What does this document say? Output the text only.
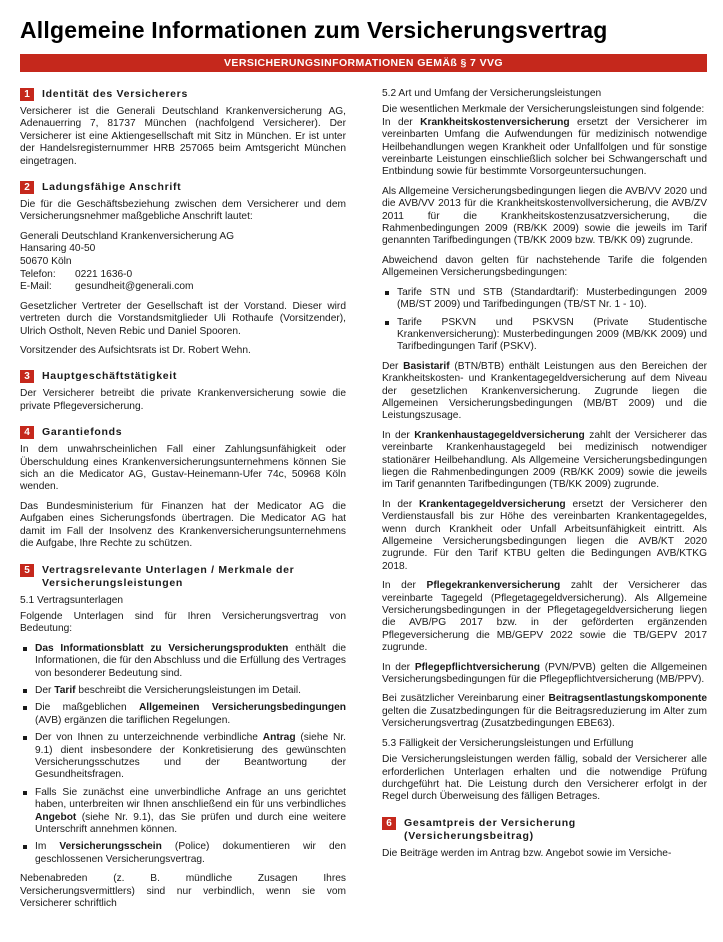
Allgemeine Informationen zum Versicherungsvertrag
VERSICHERUNGSINFORMATIONEN GEMÄß § 7 VVG
1	Identität des Versicherers

Versicherer ist die Generali Deutschland Krankenversicherung AG, Adenauerring 7, 81737 München (nachfolgend Versicherer). Der Versicherer ist eine Aktiengesellschaft mit Sitz in München. Er ist unter der Handelsregisternummer HRB 257065 beim Amtsgericht München eingetragen.

2	Ladungsfähige Anschrift

Die für die Geschäftsbeziehung zwischen dem Versicherer und dem Versicherungsnehmer maßgebliche Anschrift lautet:

Generali Deutschland Krankenversicherung AG
Hansaring 40-50
50670 Köln
Telefon:	0221 1636-0
E-Mail:	gesundheit@generali.com

Gesetzlicher Vertreter der Gesellschaft ist der Vorstand. Dieser wird vertreten durch die Vorstandsmitglieder Uli Rothaufe (Vorsitzender), Ulrich Ostholt, Neven Rebic und Daniel Spooren.

Vorsitzender des Aufsichtsrats ist Dr. Robert Wehn.

3	Hauptgeschäftstätigkeit

Der Versicherer betreibt die private Krankenversicherung sowie die private Pflegeversicherung.

4	Garantiefonds

In dem unwahrscheinlichen Fall einer Zahlungsunfähigkeit oder Überschuldung eines Krankenversicherungsunternehmens können Sie sich an die Medicator AG, Gustav-Heinemann-Ufer 74c, 50968 Köln wenden.

Das Bundesministerium für Finanzen hat der Medicator AG die Aufgaben eines Sicherungsfonds übertragen. Die Medicator AG hat damit im Fall der Insolvenz des Krankenversicherungsunternehmens die Aufgabe, Ihre Rechte zu schützen.

5	Vertragsrelevante Unterlagen / Merkmale der Versicherungsleistungen

5.1 Vertragsunterlagen

Folgende Unterlagen sind für Ihren Versicherungsvertrag von Bedeutung:

Das Informationsblatt zu Versicherungsprodukten enthält die Informationen, die für den Abschluss und die Erfüllung des Vertrages von besonderer Bedeutung sind.
Der Tarif beschreibt die Versicherungsleistungen im Detail.
Die maßgeblichen Allgemeinen Versicherungsbedingungen (AVB) ergänzen die tariflichen Regelungen.
Der von Ihnen zu unterzeichnende verbindliche Antrag (siehe Nr. 9.1) dient insbesondere der Konkretisierung des gewünschten Versicherungsschutzes und der Beantwortung der Gesundheitsfragen.
Falls Sie zunächst eine unverbindliche Anfrage an uns gerichtet haben, unterbreiten wir Ihnen anschließend ein für uns verbindliches Angebot (siehe Nr. 9.1), das Sie prüfen und durch eine weitere Unterschrift annehmen können.
Im Versicherungsschein (Police) dokumentieren wir den geschlossenen Versicherungsvertrag.

Nebenabreden (z. B. mündliche Zusagen Ihres Versicherungsvermittlers) sind nur verbindlich, wenn sie vom Versicherer schriftlich

5.2 Art und Umfang der Versicherungsleistungen

Die wesentlichen Merkmale der Versicherungsleistungen sind folgende:

In der Krankheitskostenversicherung ersetzt der Versicherer im vereinbarten Umfang die Aufwendungen für medizinisch notwendige Heilbehandlungen wegen Krankheit oder Unfallfolgen und für sonstige vereinbarte Leistungen einschließlich solcher bei Schwangerschaft und Entbindung sowie für bestimmte Vorsorgeuntersuchungen.

Als Allgemeine Versicherungsbedingungen liegen die AVB/VV 2020 und die AVB/VV 2013 für die Krankheitskostenvollversicherung, die AVB/ZV 2011 für die Krankheitskostenzusatzversicherung, die Rahmenbedingungen 2009 (RB/KK 2009) sowie die jeweils im Tarif genannten Tarifbedingungen (TB/KK 2009 bzw. TB/KK 09) zugrunde.

Abweichend davon gelten für nachstehende Tarife die folgenden Allgemeinen Versicherungsbedingungen:

Tarife STN und STB (Standardtarif): Musterbedingungen 2009 (MB/ST 2009) und Tarifbedingungen (TB/ST Nr. 1 - 10).
Tarife PSKVN und PSKVSN (Private Studentische Krankenversicherung): Musterbedingungen 2009 (MB/KK 2009) und Tarifbedingungen Tarif (PSKV).

Der Basistarif (BTN/BTB) enthält Leistungen aus den Bereichen der Krankheitskosten- und Krankentagegeldversicherung auf dem Niveau der gesetzlichen Krankenversicherung. Zugrunde liegen die Allgemeinen Versicherungsbedingungen (MB/BT 2009) und die Leistungszusage.

In der Krankenhaustagegeldversicherung zahlt der Versicherer das vereinbarte Krankenhaustagegeld bei medizinisch notwendiger stationärer Heilbehandlung. Als Allgemeine Versicherungsbedingungen liegen die Rahmenbedingungen 2009 (RB/KK 2009) sowie die jeweils im Tarif genannten Tarifbedingungen (TB/KK 2009) zugrunde.

In der Krankentagegeldversicherung ersetzt der Versicherer den Verdienstausfall bis zur Höhe des vereinbarten Krankentagegeldes, wenn durch Krankheit oder Unfall Arbeitsunfähigkeit eintritt. Als Allgemeine Versicherungsbedingungen liegen die AVB/KT 2020 zugrunde. Für den Tarif KTBU gelten die Bedingungen AVB/KTKG 2018.

In der Pflegekrankenversicherung zahlt der Versicherer das vereinbarte Tagegeld (Pflegetagegeldversicherung). Als Allgemeine Versicherungsbedingungen in der Pflegetagegeldversicherung liegen die AVB/PG 2017 bzw. in der geförderten ergänzenden Pflegeversicherung die MB/GEPV 2022 sowie die TB/GEPV 2017 zugrunde.

In der Pflegepflichtversicherung (PVN/PVB) gelten die Allgemeinen Versicherungsbedingungen für die Pflegepflichtversicherung (MB/PPV).

Bei zusätzlicher Vereinbarung einer Beitragsentlastungskomponente gelten die Zusatzbedingungen für die Beitragsreduzierung im Alter zum Versicherungsvertrag (Zusatzbedingungen EBE63).

5.3 Fälligkeit der Versicherungsleistungen und Erfüllung

Die Versicherungsleistungen werden fällig, sobald der Versicherer alle erforderlichen Unterlagen erhalten und die notwendige Prüfung durchgeführt hat. Die Leistung durch den Versicherer erfolgt in der Regel durch Überweisung des fälligen Betrages.

6	Gesamtpreis der Versicherung (Versicherungsbeitrag)

Die Beiträge werden im Antrag bzw. Angebot sowie im Versiche-
